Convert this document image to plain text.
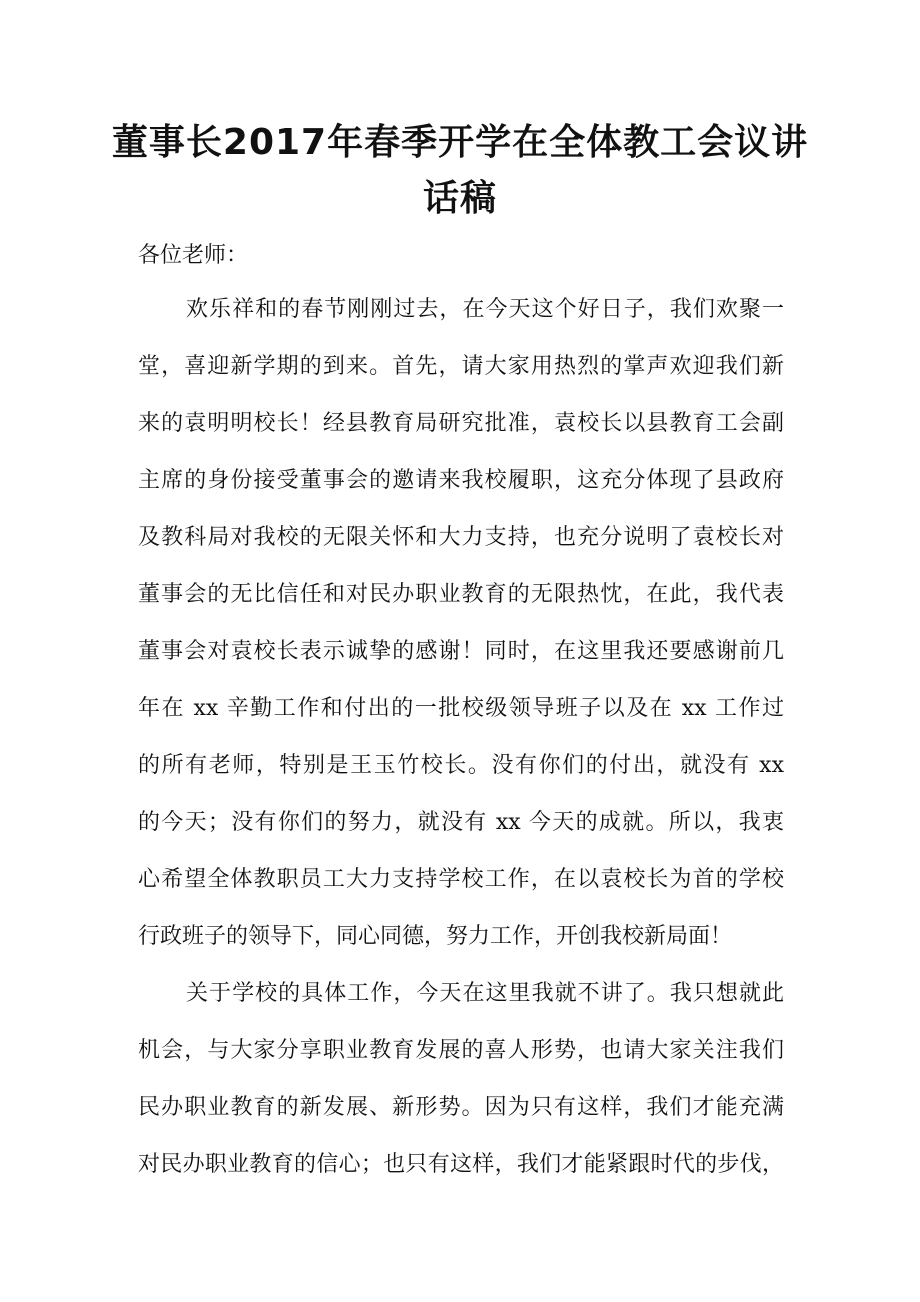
董事长2017年春季开学在全体教工会议讲
话稿
各位老师：
欢乐祥和的春节刚刚过去，在今天这个好日子，我们欢聚一
堂，喜迎新学期的到来。首先，请大家用热烈的掌声欢迎我们新
来的袁明明校长！经县教育局研究批准，袁校长以县教育工会副
主席的身份接受董事会的邀请来我校履职，这充分体现了县政府
及教科局对我校的无限关怀和大力支持，也充分说明了袁校长对
董事会的无比信任和对民办职业教育的无限热忱，在此，我代表
董事会对袁校长表示诚挚的感谢！同时，在这里我还要感谢前几
年在 xx 辛勤工作和付出的一批校级领导班子以及在 xx 工作过
的所有老师，特别是王玉竹校长。没有你们的付出，就没有 xx
的今天；没有你们的努力，就没有 xx 今天的成就。所以，我衷
心希望全体教职员工大力支持学校工作，在以袁校长为首的学校
行政班子的领导下，同心同德，努力工作，开创我校新局面！
关于学校的具体工作，今天在这里我就不讲了。我只想就此
机会，与大家分享职业教育发展的喜人形势，也请大家关注我们
民办职业教育的新发展、新形势。因为只有这样，我们才能充满
对民办职业教育的信心；也只有这样，我们才能紧跟时代的步伐，
